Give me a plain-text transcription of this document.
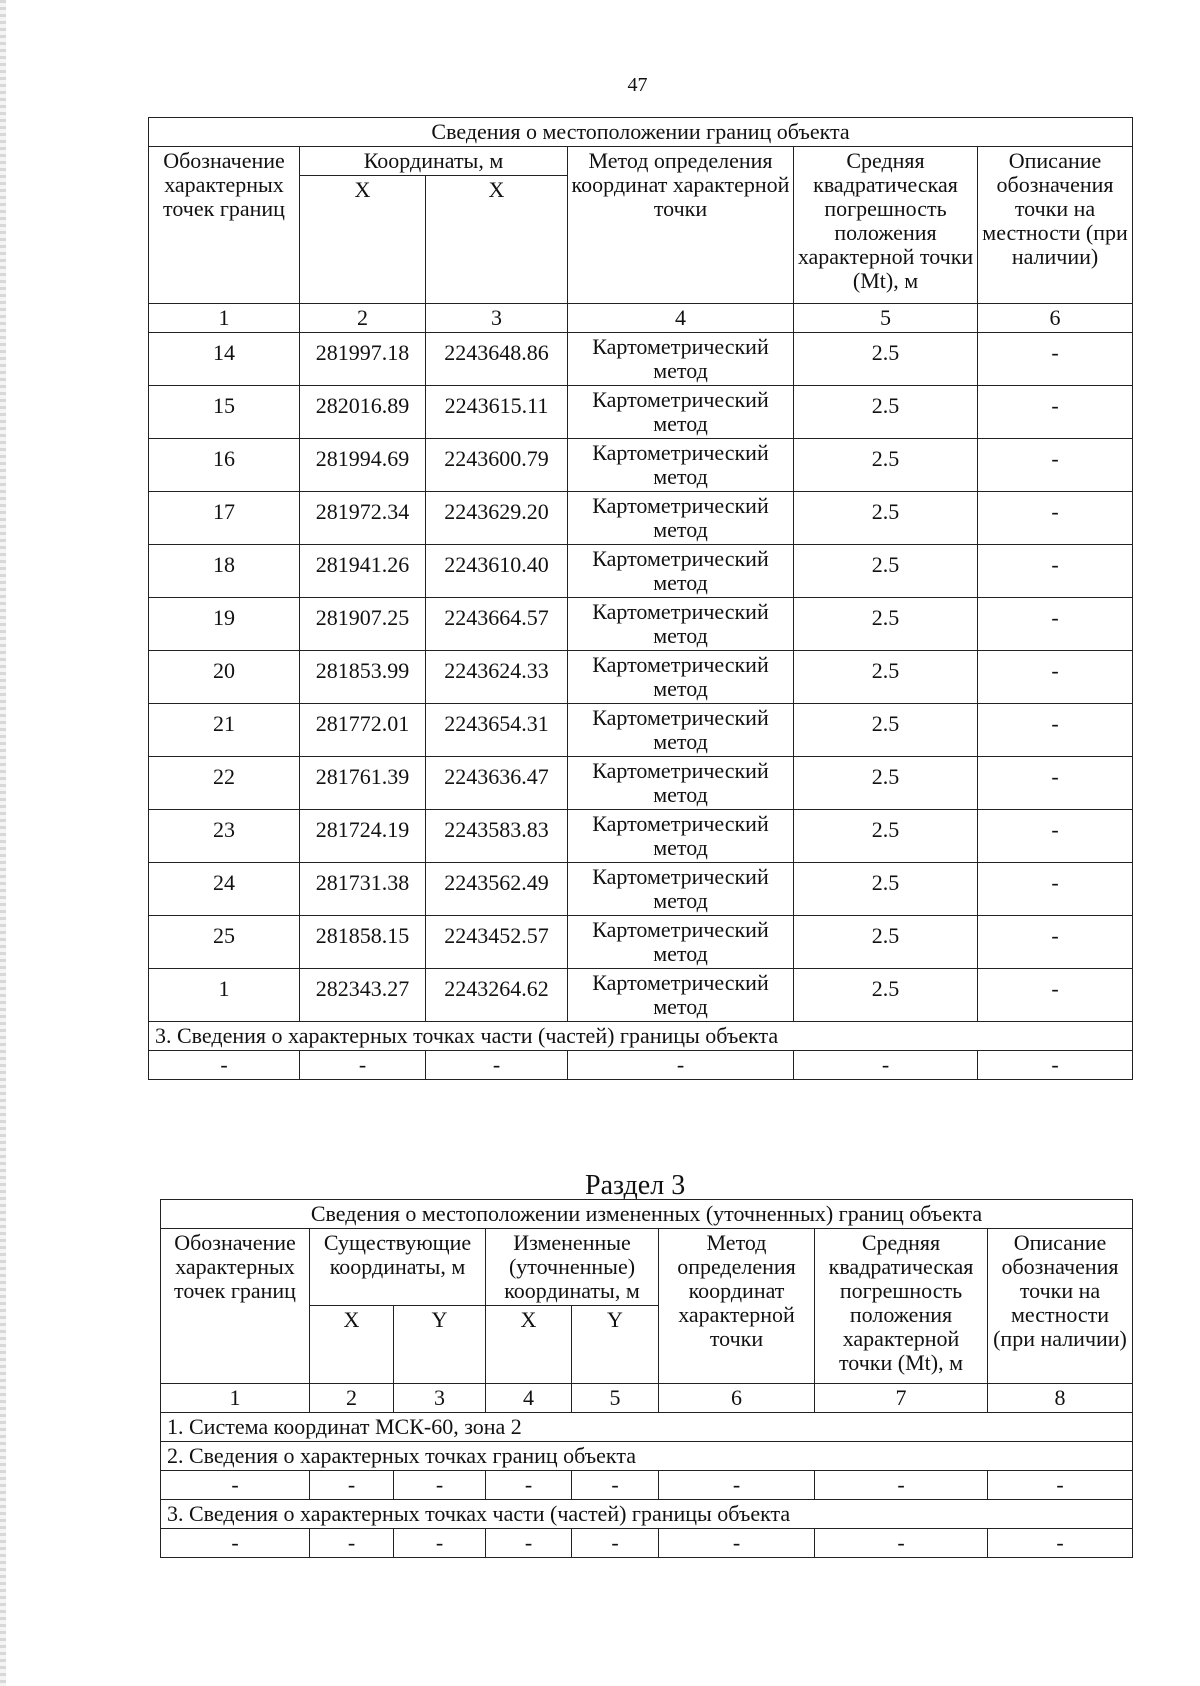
47
Сведения о местоположении границ объекта					
Обозначение характерных точек границ	Координаты, м		Метод определения координат характерной точки	Средняя квадратическая погрешность положения характерной точки (Mt), м	Описание обозначения точки на местности (при наличии)
	X	X			
1	2	3	4	5	6
14	281997.18	2243648.86	Картометрический метод	2.5	-
15	282016.89	2243615.11	Картометрический метод	2.5	-
16	281994.69	2243600.79	Картометрический метод	2.5	-
17	281972.34	2243629.20	Картометрический метод	2.5	-
18	281941.26	2243610.40	Картометрический метод	2.5	-
19	281907.25	2243664.57	Картометрический метод	2.5	-
20	281853.99	2243624.33	Картометрический метод	2.5	-
21	281772.01	2243654.31	Картометрический метод	2.5	-
22	281761.39	2243636.47	Картометрический метод	2.5	-
23	281724.19	2243583.83	Картометрический метод	2.5	-
24	281731.38	2243562.49	Картометрический метод	2.5	-
25	281858.15	2243452.57	Картометрический метод	2.5	-
1	282343.27	2243264.62	Картометрический метод	2.5	-
3. Сведения о характерных точках части (частей) границы объекта					
-	-	-	-	-	-
Раздел 3
Сведения о местоположении измененных (уточненных) границ объекта							
Обозначение характерных точек границ	Существующие координаты, м		Измененные (уточненные) координаты, м		Метод определения координат характерной точки	Средняя квадратическая погрешность положения характерной точки (Mt), м	Описание обозначения точки на местности (при наличии)
	X	Y	X	Y			
1	2	3	4	5	6	7	8
1. Система координат МСК-60, зона 2							
2. Сведения о характерных точках границ объекта							
-	-	-	-	-	-	-	-
3. Сведения о характерных точках части (частей) границы объекта							
-	-	-	-	-	-	-	-
